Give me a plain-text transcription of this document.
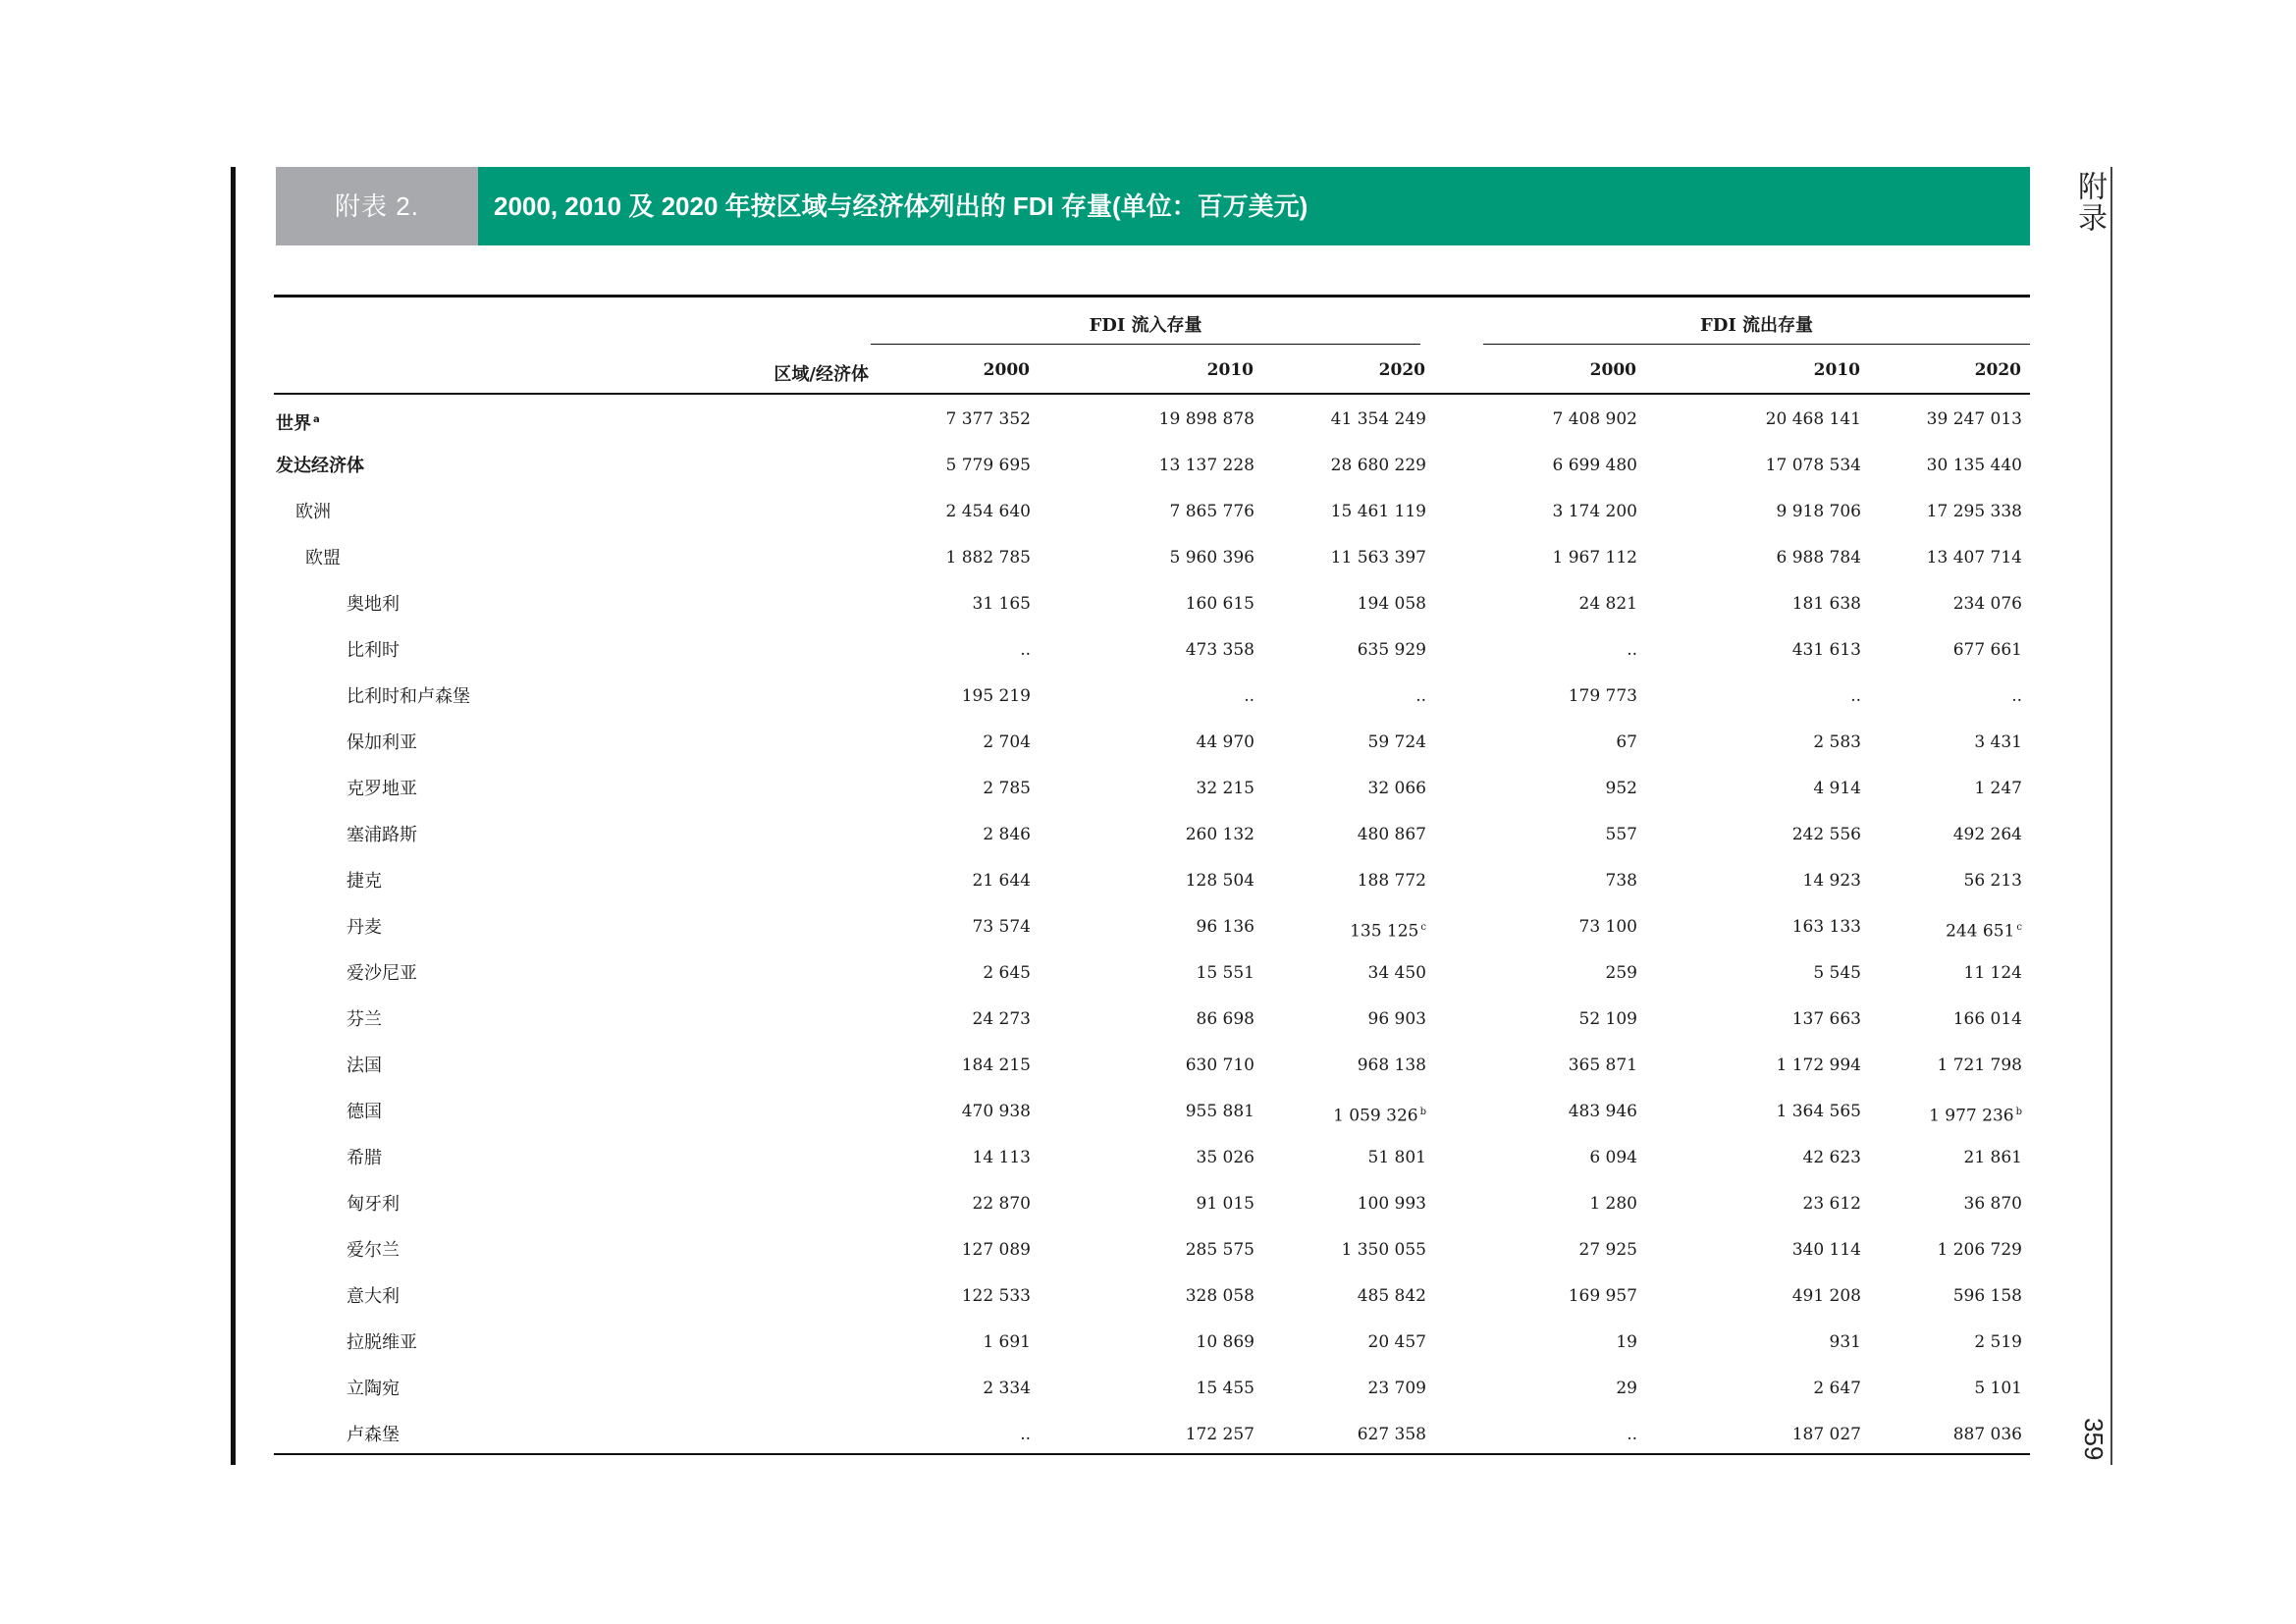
附录
359
附表 2.	2000, 2010 及 2020 年按区域与经济体列出的 FDI 存量(单位：百万美元)
FDI 流入存量	FDI 流出存量
区域/经济体	2000	2010	2020	2000	2010	2020
世界 $^a$	7 377 352	19 898 878	41 354 249	7 408 902	20 468 141	39 247 013
发达经济体	5 779 695	13 137 228	28 680 229	6 699 480	17 078 534	30 135 440
欧洲	2 454 640	7 865 776	15 461 119	3 174 200	9 918 706	17 295 338
欧盟	1 882 785	5 960 396	11 563 397	1 967 112	6 988 784	13 407 714
奥地利	31 165	160 615	194 058	24 821	181 638	234 076
比利时	..	473 358	635 929	..	431 613	677 661
比利时和卢森堡	195 219	..	..	179 773	..	..
保加利亚	2 704	44 970	59 724	67	2 583	3 431
克罗地亚	2 785	32 215	32 066	952	4 914	1 247
塞浦路斯	2 846	260 132	480 867	557	242 556	492 264
捷克	21 644	128 504	188 772	738	14 923	56 213
丹麦	73 574	96 136	135 125 $^c$	73 100	163 133	244 651 $^c$
爱沙尼亚	2 645	15 551	34 450	259	5 545	11 124
芬兰	24 273	86 698	96 903	52 109	137 663	166 014
法国	184 215	630 710	968 138	365 871	1 172 994	1 721 798
德国	470 938	955 881	1 059 326 $^b$	483 946	1 364 565	1 977 236 $^b$
希腊	14 113	35 026	51 801	6 094	42 623	21 861
匈牙利	22 870	91 015	100 993	1 280	23 612	36 870
爱尔兰	127 089	285 575	1 350 055	27 925	340 114	1 206 729
意大利	122 533	328 058	485 842	169 957	491 208	596 158
拉脱维亚	1 691	10 869	20 457	19	931	2 519
立陶宛	2 334	15 455	23 709	29	2 647	5 101
卢森堡	..	172 257	627 358	..	187 027	887 036
